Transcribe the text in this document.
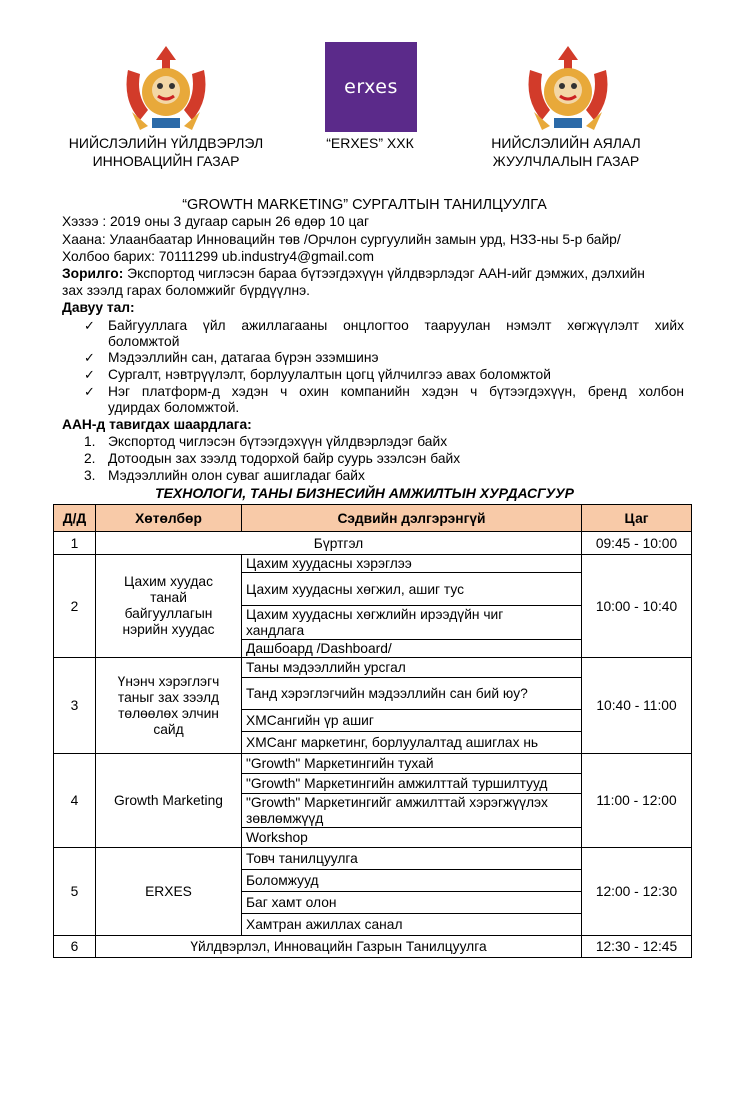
erxes
НИЙСЛЭЛИЙН ҮЙЛДВЭРЛЭЛ
ИННОВАЦИЙН ГАЗАР
“ERXES” ХХК	НИЙСЛЭЛИЙН АЯЛАЛ
ЖУУЛЧЛАЛЫН ГАЗАР
“GROWTH MARKETING” СУРГАЛТЫН ТАНИЛЦУУЛГА
Хэзээ : 2019 оны 3 дугаар сарын 26 өдөр 10 цаг
Хаана: Улаанбаатар Инновацийн төв /Орчлон сургуулийн замын урд, НЗЗ-ны 5-р байр/
Холбоо барих: 70111299 ub.industry4@gmail.com
Зорилго: Экспортод чиглэсэн бараа бүтээгдэхүүн үйлдвэрлэдэг ААН-ийг дэмжих, дэлхийн
зах зээлд гарах боломжийг бүрдүүлнэ.
Давуу тал:
✓ Байгууллага үйл ажиллагааны онцлогтоо тааруулан нэмэлт хөгжүүлэлт хийх
боломжтой
✓ Мэдээллийн сан, датагаа бүрэн эзэмшинэ
✓ Сургалт, нэвтрүүлэлт, борлуулалтын цогц үйлчилгээ авах боломжтой
✓ Нэг платформ-д хэдэн ч охин компанийн хэдэн ч бүтээгдэхүүн, бренд холбон
удирдах боломжтой.
ААН-д тавигдах шаардлага:
1. Экспортод чиглэсэн бүтээгдэхүүн үйлдвэрлэдэг байх
2. Дотоодын зах зээлд тодорхой байр суурь эзэлсэн байх
3. Мэдээллийн олон суваг ашигладаг байх
ТЕХНОЛОГИ, ТАНЫ БИЗНЕСИЙН АМЖИЛТЫН ХУРДАСГУУР
Д/Д	Хөтөлбөр	Сэдвийн дэлгэрэнгүй	Цаг
1	Бүртгэл		09:45 - 10:00
2	Цахим хуудас
танай
байгууллагын
нэрийн хуудас	Цахим хуудасны хэрэглээ	10:00 - 10:40
		Цахим хуудасны хөгжил, ашиг тус	

		Цахим хуудасны хөгжлийн ирээдүйн чиг
хандлага	

		Дашбоард /Dashboard/	
3	Үнэнч хэрэглэгч
таныг зах зээлд
төлөөлөх элчин
сайд	Таны мэдээллийн урсгал	10:40 - 11:00
		Танд хэрэглэгчийн мэдээллийн сан бий юу?	
		ХМСангийн үр ашиг	
		ХМСанг маркетинг, борлуулалтад ашиглах нь	
4	Growth Marketing	"Growth" Маркетингийн тухай	11:00 - 12:00
		"Growth" Маркетингийн амжилттай туршилтууд	

		"Growth" Маркетингийг амжилттай хэрэгжүүлэх
зөвлөмжүүд	

		Workshop	
5	ERXES	Товч танилцуулга	12:00 - 12:30
		Боломжууд	
		Баг хамт олон	
		Хамтран ажиллах санал	
6	Үйлдвэрлэл, Инновацийн Газрын Танилцуулга		12:30 - 12:45
